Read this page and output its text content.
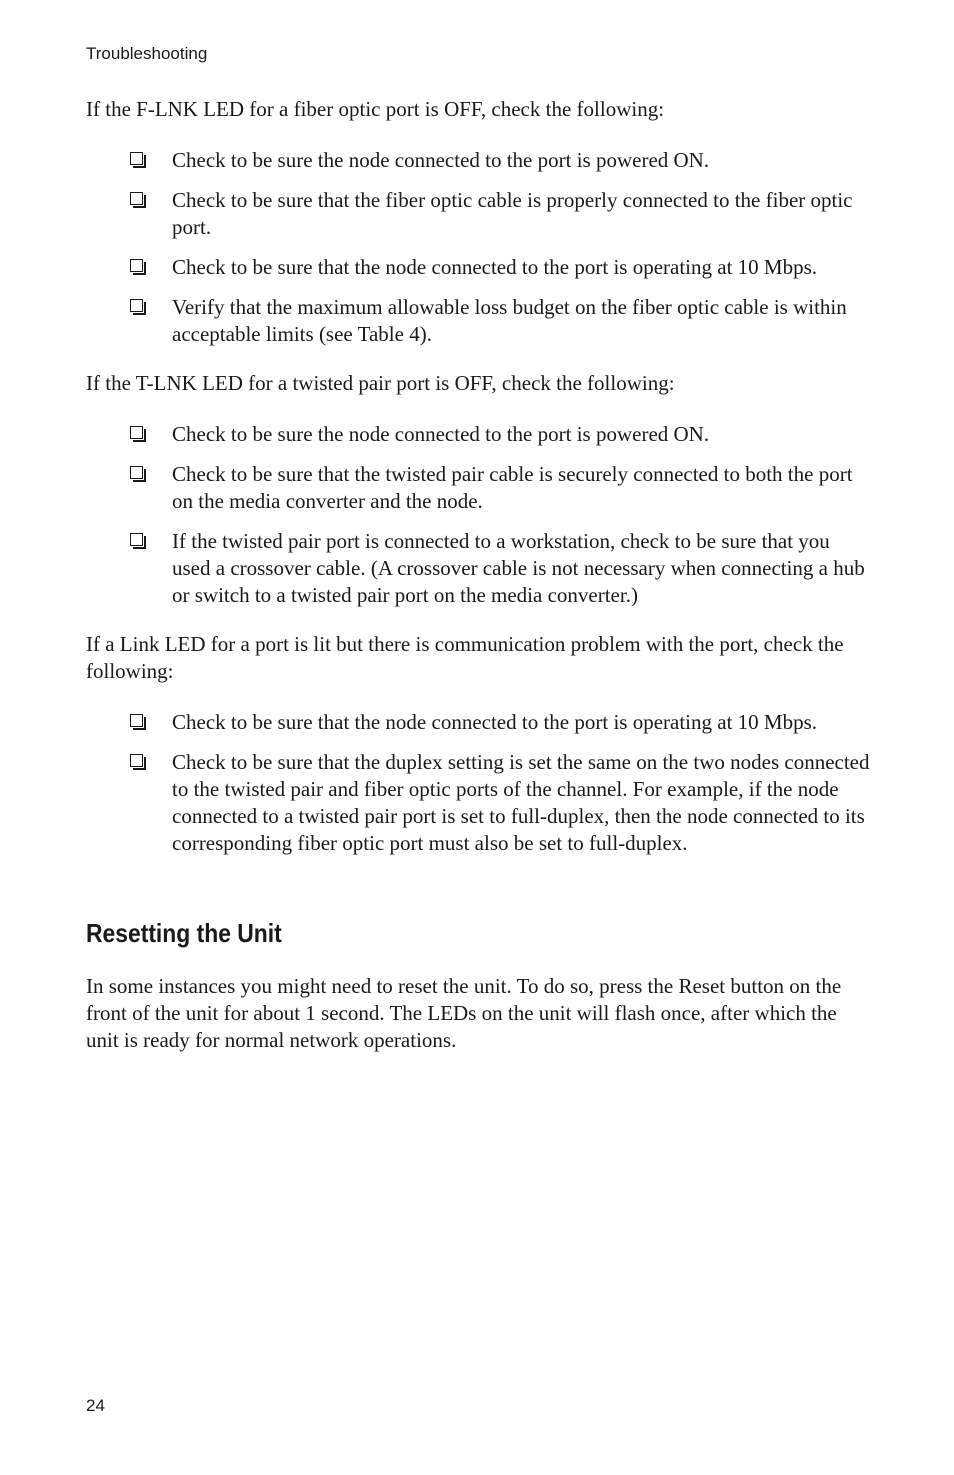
Troubleshooting

If the F-LNK LED for a fiber optic port is OFF, check the following:

Check to be sure the node connected to the port is powered ON.
Check to be sure that the fiber optic cable is properly connected to the fiber optic port.
Check to be sure that the node connected to the port is operating at 10 Mbps.
Verify that the maximum allowable loss budget on the fiber optic cable is within acceptable limits (see Table 4).

If the T-LNK LED for a twisted pair port is OFF, check the following:

Check to be sure the node connected to the port is powered ON.
Check to be sure that the twisted pair cable is securely connected to both the port on the media converter and the node.
If the twisted pair port is connected to a workstation, check to be sure that you used a crossover cable. (A crossover cable is not necessary when connecting a hub or switch to a twisted pair port on the media converter.)

If a Link LED for a port is lit but there is communication problem with the port, check the following:

Check to be sure that the node connected to the port is operating at 10 Mbps.
Check to be sure that the duplex setting is set the same on the two nodes connected to the twisted pair and fiber optic ports of the channel. For example, if the node connected to a twisted pair port is set to full-duplex, then the node connected to its corresponding fiber optic port must also be set to full-duplex.
Resetting the Unit

In some instances you might need to reset the unit. To do so, press the Reset button on the front of the unit for about 1 second. The LEDs on the unit will flash once, after which the unit is ready for normal network operations.

24
